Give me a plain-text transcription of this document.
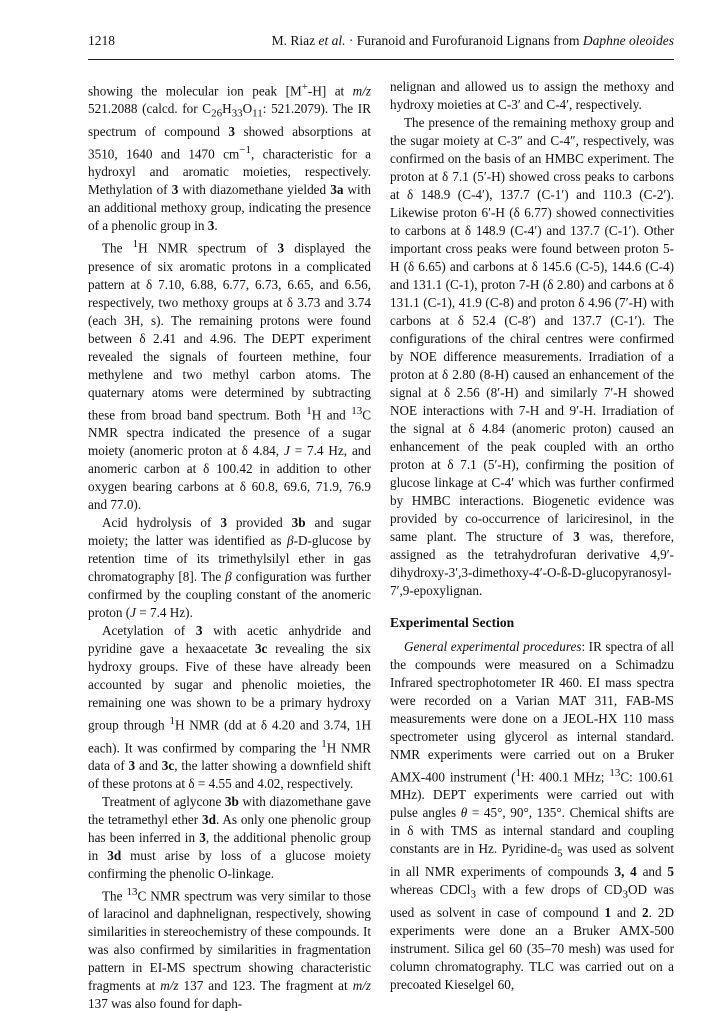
1218	M. Riaz et al. · Furanoid and Furofuranoid Lignans from Daphne oleoides

showing the molecular ion peak [M+-H] at m/z 521.2088 (calcd. for $C_{26}H_{33}O_{11}$: 521.2079). The IR spectrum of compound 3 showed absorptions at 3510, 1640 and 1470 $cm^{-1}$, characteristic for a hydroxyl and aromatic moieties, respectively. Methylation of 3 with diazomethane yielded 3a with an additional methoxy group, indicating the presence of a phenolic group in 3.

The $^1$H NMR spectrum of 3 displayed the presence of six aromatic protons in a complicated pattern at δ 7.10, 6.88, 6.77, 6.73, 6.65, and 6.56, respectively, two methoxy groups at δ 3.73 and 3.74 (each 3H, s). The remaining protons were found between δ 2.41 and 4.96. The DEPT experiment revealed the signals of fourteen methine, four methylene and two methyl carbon atoms. The quaternary atoms were determined by subtracting these from broad band spectrum. Both $^1$H and $^{13}$C NMR spectra indicated the presence of a sugar moiety (anomeric proton at δ 4.84, J = 7.4 Hz, and anomeric carbon at δ 100.42 in addition to other oxygen bearing carbons at δ 60.8, 69.6, 71.9, 76.9 and 77.0).

Acid hydrolysis of 3 provided 3b and sugar moiety; the latter was identified as β-D-glucose by retention time of its trimethylsilyl ether in gas chromatography [8]. The β configuration was further confirmed by the coupling constant of the anomeric proton (J = 7.4 Hz).

Acetylation of 3 with acetic anhydride and pyridine gave a hexaacetate 3c revealing the six hydroxy groups. Five of these have already been accounted by sugar and phenolic moieties, the remaining one was shown to be a primary hydroxy group through $^1$H NMR (dd at δ 4.20 and 3.74, 1H each). It was confirmed by comparing the $^1$H NMR data of 3 and 3c, the latter showing a downfield shift of these protons at δ = 4.55 and 4.02, respectively.

Treatment of aglycone 3b with diazomethane gave the tetramethyl ether 3d. As only one phenolic group has been inferred in 3, the additional phenolic group in 3d must arise by loss of a glucose moiety confirming the phenolic O-linkage.

The $^{13}$C NMR spectrum was very similar to those of laracinol and daphnelignan, respectively, showing similarities in stereochemistry of these compounds. It was also confirmed by similarities in fragmentation pattern in EI-MS spectrum showing characteristic fragments at m/z 137 and 123. The fragment at m/z 137 was also found for daph-

nelignan and allowed us to assign the methoxy and hydroxy moieties at C-3′ and C-4′, respectively.

The presence of the remaining methoxy group and the sugar moiety at C-3″ and C-4″, respectively, was confirmed on the basis of an HMBC experiment. The proton at δ 7.1 (5′-H) showed cross peaks to carbons at δ 148.9 (C-4′), 137.7 (C-1′) and 110.3 (C-2′). Likewise proton 6′-H (δ 6.77) showed connectivities to carbons at δ 148.9 (C-4′) and 137.7 (C-1′). Other important cross peaks were found between proton 5-H (δ 6.65) and carbons at δ 145.6 (C-5), 144.6 (C-4) and 131.1 (C-1), proton 7-H (δ 2.80) and carbons at δ 131.1 (C-1), 41.9 (C-8) and proton δ 4.96 (7′-H) with carbons at δ 52.4 (C-8′) and 137.7 (C-1′). The configurations of the chiral centres were confirmed by NOE difference measurements. Irradiation of a proton at δ 2.80 (8-H) caused an enhancement of the signal at δ 2.56 (8′-H) and similarly 7′-H showed NOE interactions with 7-H and 9′-H. Irradiation of the signal at δ 4.84 (anomeric proton) caused an enhancement of the peak coupled with an ortho proton at δ 7.1 (5′-H), confirming the position of glucose linkage at C-4′ which was further confirmed by HMBC interactions. Biogenetic evidence was provided by co-occurrence of lariciresinol, in the same plant. The structure of 3 was, therefore, assigned as the tetrahydrofuran derivative 4,9′-dihydroxy-3′,3-dimethoxy-4′-O-ß-D-glucopyranosyl-7′,9-epoxylignan.

Experimental Section

General experimental procedures: IR spectra of all the compounds were measured on a Schimadzu Infrared spectrophotometer IR 460. EI mass spectra were recorded on a Varian MAT 311, FAB-MS measurements were done on a JEOL-HX 110 mass spectrometer using glycerol as internal standard. NMR experiments were carried out on a Bruker AMX-400 instrument ($^1$H: 400.1 MHz; $^{13}$C: 100.61 MHz). DEPT experiments were carried out with pulse angles θ = 45°, 90°, 135°. Chemical shifts are in δ with TMS as internal standard and coupling constants are in Hz. Pyridine-$d_5$ was used as solvent in all NMR experiments of compounds 3, 4 and 5 whereas CDCl$_3$ with a few drops of $CD_3OD$ was used as solvent in case of compound 1 and 2. 2D experiments were done an a Bruker AMX-500 instrument. Silica gel 60 (35–70 mesh) was used for column chromatography. TLC was carried out on a precoated Kieselgel 60,
